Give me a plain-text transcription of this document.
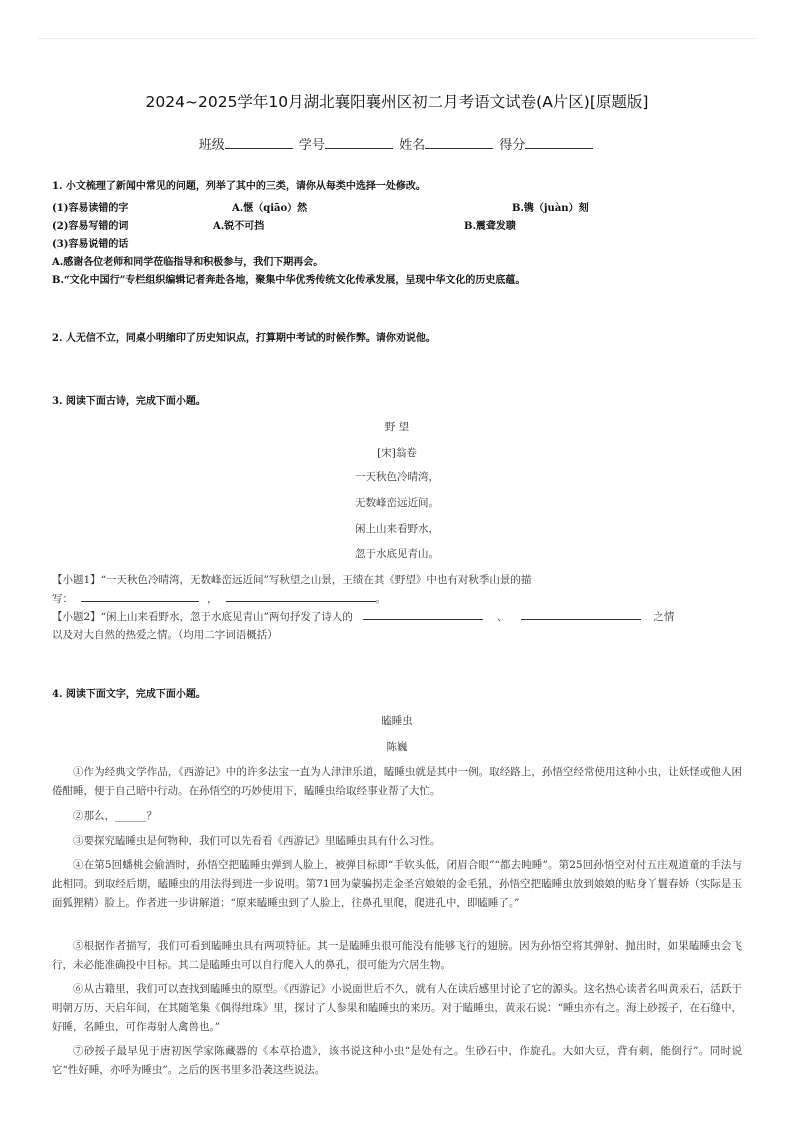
2024~2025学年10月湖北襄阳襄州区初二月考语文试卷(A片区)[原题版]
班级	学号	姓名	得分
1. 小文梳理了新闻中常见的问题，列举了其中的三类，请你从每类中选择一处修改。
(1)容易读错的字	A.惬（qiāo）然	B.镌（juàn）刻
(2)容易写错的词	A.锐不可挡	B.震聋发聩
(3)容易说错的话
A.感谢各位老师和同学莅临指导和积极参与，我们下期再会。
B.“文化中国行”专栏组织编辑记者奔赴各地，聚集中华优秀传统文化传承发展，呈现中华文化的历史底蕴。
2. 人无信不立，同桌小明缩印了历史知识点，打算期中考试的时候作弊。请你劝说他。
3. 阅读下面古诗，完成下面小题。
野 望
[宋]翁卷
一天秋色冷晴湾，
无数峰峦远近间。
闲上山来看野水，
忽于水底见青山。
【小题1】“一天秋色冷晴湾，无数峰峦远近间”写秋望之山景，王绩在其《野望》中也有对秋季山景的描
写：	，	。
【小题2】“闲上山来看野水，忽于水底见青山”两句抒发了诗人的	、	之情
以及对大自然的热爱之情。（均用二字词语概括）
4. 阅读下面文字，完成下面小题。
瞌睡虫
陈巍
①作为经典文学作品，《西游记》中的许多法宝一直为人津津乐道，瞌睡虫就是其中一例。取经路上，孙悟空经常使用这种小虫，让妖怪或他人困倦酣睡，便于自己暗中行动。在孙悟空的巧妙使用下，瞌睡虫给取经事业帮了大忙。
②那么，______？
③要探究瞌睡虫是何物种，我们可以先看看《西游记》里瞌睡虫具有什么习性。
④在第5回蟠桃会偷酒时，孙悟空把瞌睡虫弹到人脸上，被弹目标即“手软头低，闭眉合眼”“都去盹睡”。第25回孙悟空对付五庄观道童的手法与此相同。到取经后期，瞌睡虫的用法得到进一步说明。第71回为蒙骗拐走金圣宫娘娘的金毛犼，孙悟空把瞌睡虫放到娘娘的贴身丫鬟春娇（实际是玉面狐狸精）脸上。作者进一步讲解道：“原来瞌睡虫到了人脸上，往鼻孔里爬，爬进孔中，即瞌睡了。”
⑤根据作者描写，我们可看到瞌睡虫具有两项特征。其一是瞌睡虫很可能没有能够飞行的翅膀。因为孙悟空将其弹射、抛出时，如果瞌睡虫会飞行，未必能准确投中目标。其二是瞌睡虫可以自行爬入人的鼻孔，很可能为穴居生物。
⑥从古籍里，我们可以查找到瞌睡虫的原型。《西游记》小说面世后不久，就有人在读后感里讨论了它的源头。这名热心读者名叫黄汞石，活跃于明朝万历、天启年间，在其随笔集《偶得绀珠》里，探讨了人参果和瞌睡虫的来历。对于瞌睡虫，黄汞石说：“睡虫亦有之。海上砂挼子，在石缝中，好睡，名睡虫，可作毒射人禽兽也。”
⑦砂挼子最早见于唐初医学家陈藏器的《本草拾遗》，该书说这种小虫“是处有之。生砂石中，作旋孔。大如大豆，背有刺，能倒行”。同时说它“性好睡，亦呼为睡虫”。之后的医书里多沿袭这些说法。
